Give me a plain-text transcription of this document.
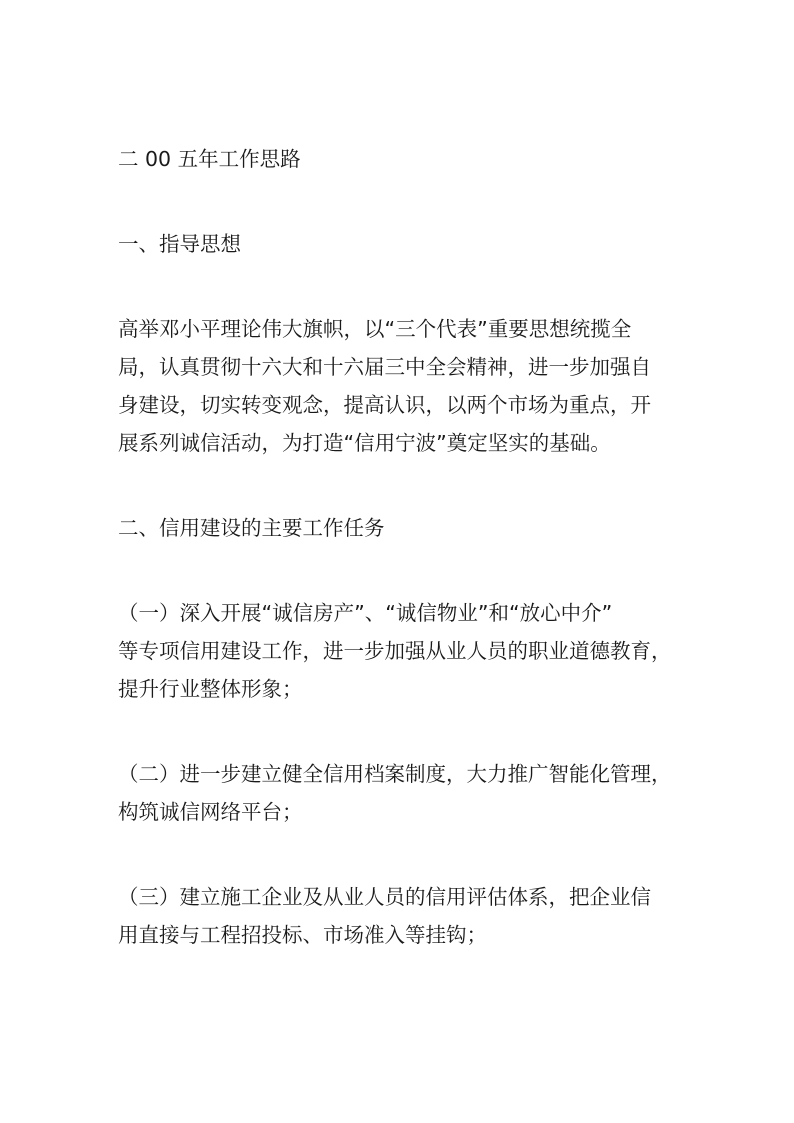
二 00 五年工作思路
一、指导思想
高举邓小平理论伟大旗帜，以“三个代表”重要思想统揽全
局，认真贯彻十六大和十六届三中全会精神，进一步加强自
身建设，切实转变观念，提高认识，以两个市场为重点，开
展系列诚信活动，为打造“信用宁波”奠定坚实的基础。
二、信用建设的主要工作任务
（一）深入开展“诚信房产”、“诚信物业”和“放心中介”
等专项信用建设工作，进一步加强从业人员的职业道德教育，
提升行业整体形象；
（二）进一步建立健全信用档案制度，大力推广智能化管理，
构筑诚信网络平台；
（三）建立施工企业及从业人员的信用评估体系，把企业信
用直接与工程招投标、市场准入等挂钩；
